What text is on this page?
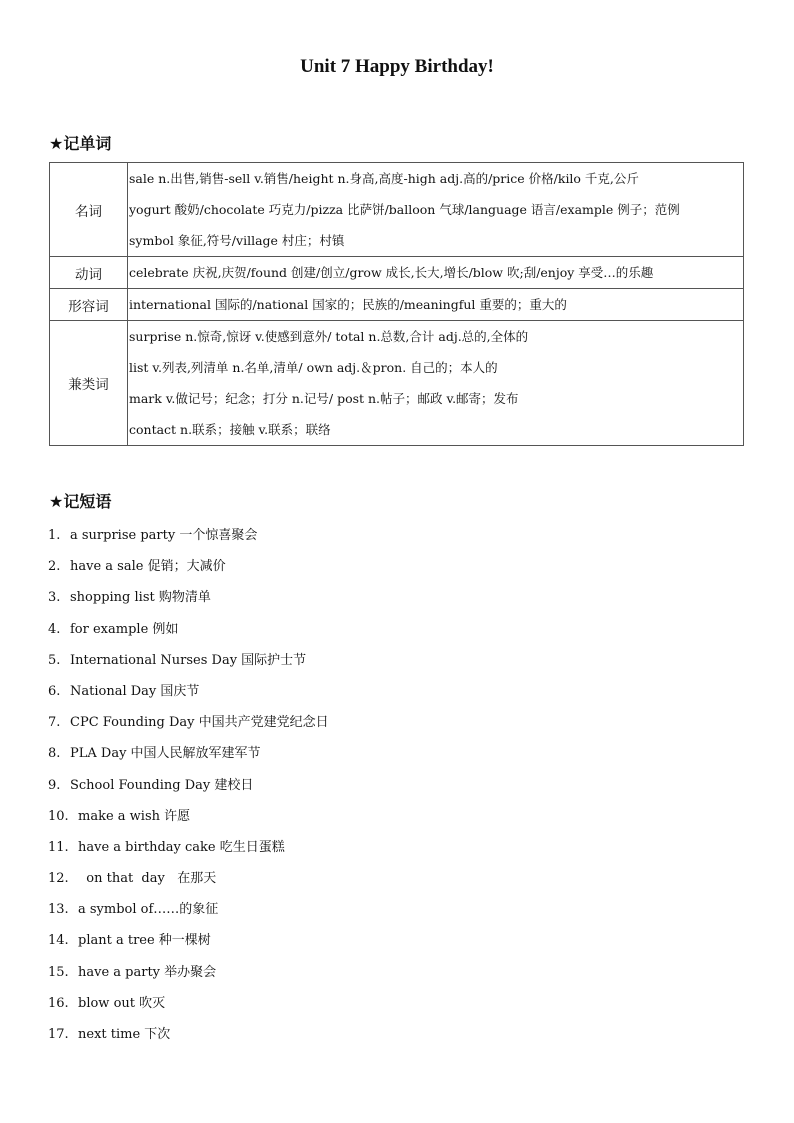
Unit 7 Happy Birthday!
★记单词
名词	sale n.出售,销售-sell v.销售/height n.身高,高度-high adj.高的/price 价格/kilo 千克,公斤
yogurt 酸奶/chocolate 巧克力/pizza 比萨饼/balloon 气球/language 语言/example 例子；范例
symbol 象征,符号/village 村庄；村镇

动词	celebrate 庆祝,庆贺/found 创建/创立/grow 成长,长大,增长/blow 吹;刮/enjoy 享受…的乐趣

形容词	international 国际的/national 国家的；民族的/meaningful 重要的；重大的

兼类词	surprise n.惊奇,惊讶 v.使感到意外/ total n.总数,合计 adj.总的,全体的
list v.列表,列清单 n.名单,清单/ own adj.＆pron. 自己的；本人的
mark v.做记号；纪念；打分 n.记号/ post n.帖子；邮政 v.邮寄；发布
contact n.联系；接触 v.联系；联络
★记短语
1. a surprise party 一个惊喜聚会
2. have a sale 促销；大减价
3. shopping list 购物清单
4. for example 例如
5. International Nurses Day 国际护士节
6. National Day 国庆节
7. CPC Founding Day 中国共产党建党纪念日
8. PLA Day 中国人民解放军建军节
9. School Founding Day 建校日
10. make a wish 许愿
11. have a birthday cake 吃生日蛋糕
12.  on that  day   在那天
13. a symbol of……的象征
14. plant a tree 种一棵树
15. have a party 举办聚会
16. blow out 吹灭
17. next time 下次
